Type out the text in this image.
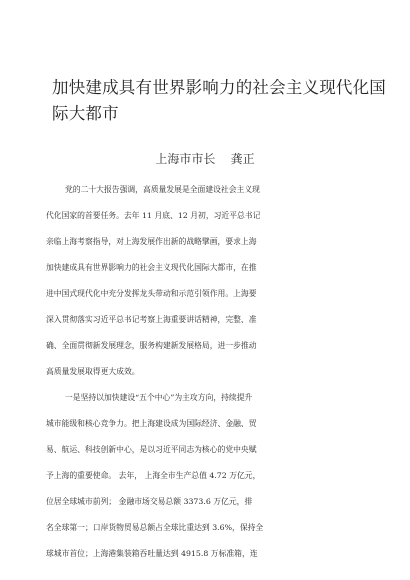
加快建成具有世界影响力的社会主义现代化国
际大都市
上海市市长    龚正
党的二十大报告强调，高质量发展是全面建设社会主义现
代化国家的首要任务。去年 11 月底、12 月初，习近平总书记
亲临上海考察指导，对上海发展作出新的战略擘画，要求上海
加快建成具有世界影响力的社会主义现代化国际大都市，在推
进中国式现代化中充分发挥龙头带动和示范引领作用。上海要
深入贯彻落实习近平总书记考察上海重要讲话精神，完整、准
确、全面贯彻新发展理念，服务构建新发展格局，进一步推动
高质量发展取得更大成效。
一是坚持以加快建设“五个中心”为主攻方向，持续提升
城市能级和核心竞争力。把上海建设成为国际经济、金融、贸
易、航运、科技创新中心，是以习近平同志为核心的党中央赋
予上海的重要使命。 去年， 上海全市生产总值 4.72 万亿元，
位居全球城市前列； 金融市场交易总额 3373.6 万亿元，排
名全球第一；口岸货物贸易总额占全球比重达到 3.6%，保持全
球城市首位；上海港集装箱吞吐量达到 4915.8 万标准箱，连
